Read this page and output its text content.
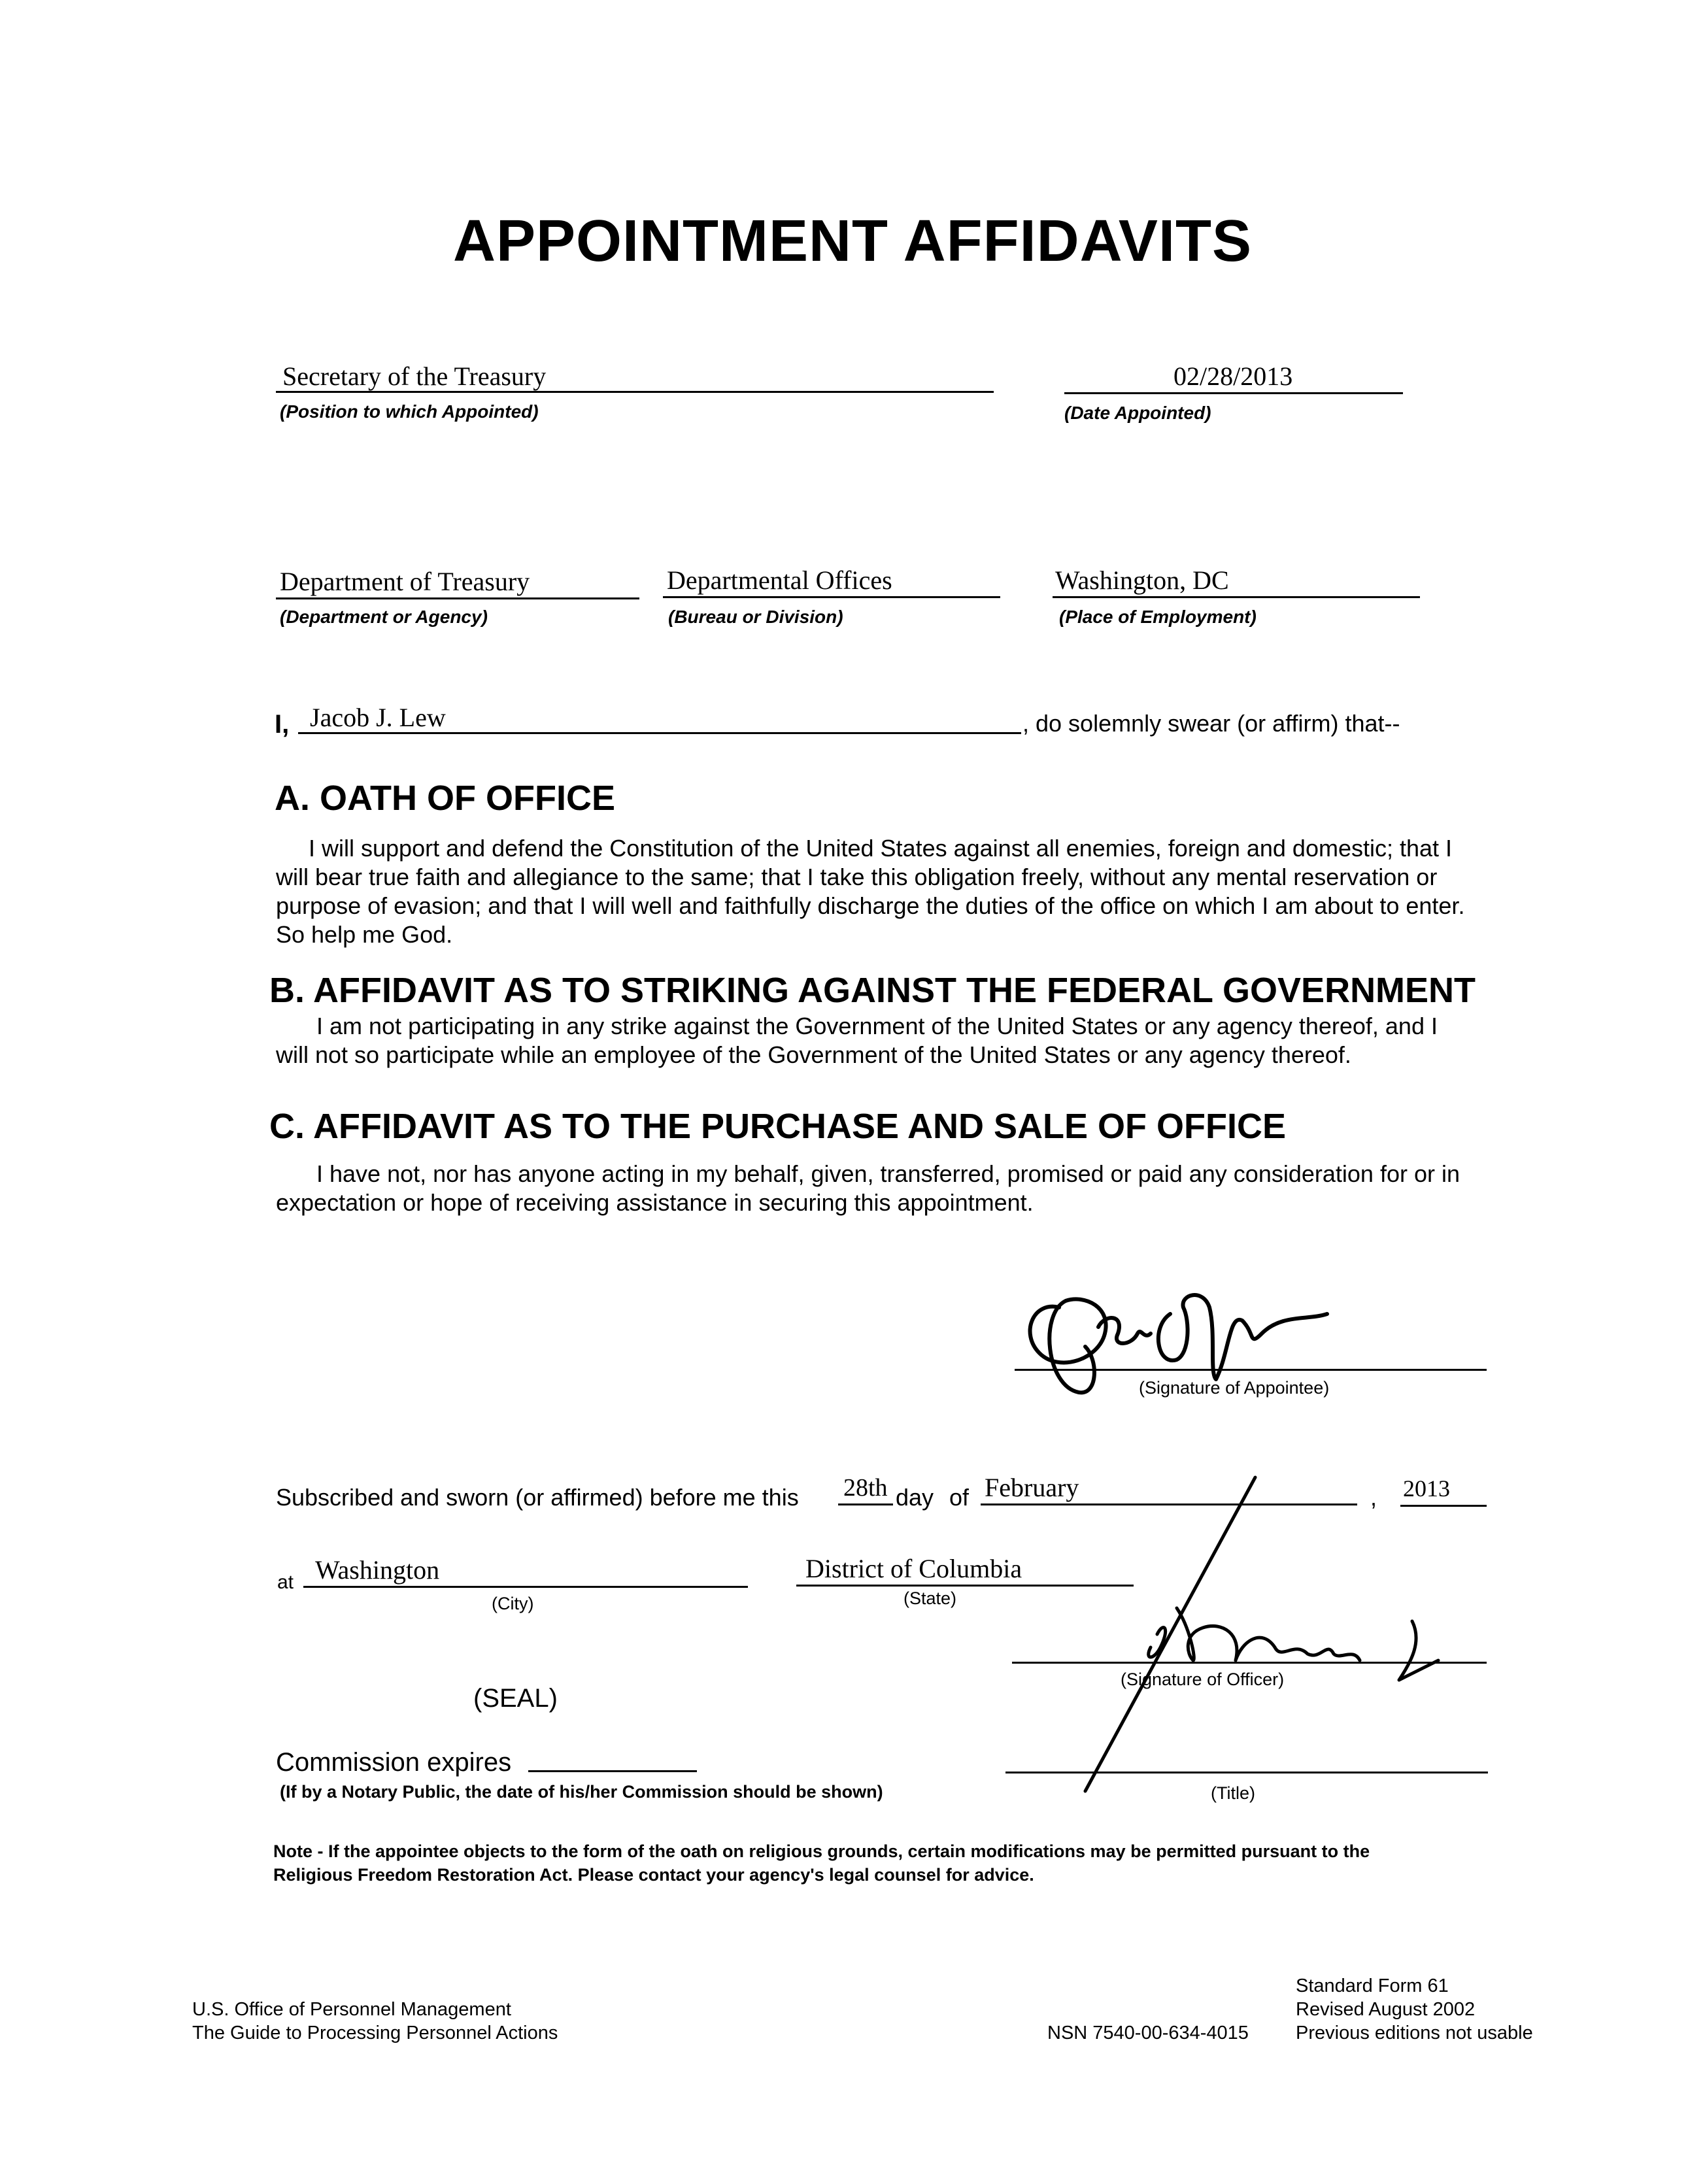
APPOINTMENT AFFIDAVITS
Secretary of the Treasury
(Position to which Appointed)
02/28/2013
(Date Appointed)
Department of Treasury
(Department or Agency)
Departmental Offices
(Bureau or Division)
Washington, DC
(Place of Employment)
I, Jacob J. Lew	, do solemnly swear (or affirm) that--
A. OATH OF OFFICE
I will support and defend the Constitution of the United States against all enemies, foreign and domestic; that I will bear true faith and allegiance to the same; that I take this obligation freely, without any mental reservation or purpose of evasion; and that I will well and faithfully discharge the duties of the office on which I am about to enter. So help me God.
B. AFFIDAVIT AS TO STRIKING AGAINST THE FEDERAL GOVERNMENT
I am not participating in any strike against the Government of the United States or any agency thereof, and I will not so participate while an employee of the Government of the United States or any agency thereof.
C. AFFIDAVIT AS TO THE PURCHASE AND SALE OF OFFICE
I have not, nor has anyone acting in my behalf, given, transferred, promised or paid any consideration for or in expectation or hope of receiving assistance in securing this appointment.
(Signature of Appointee)
Subscribed and sworn (or affirmed) before me this 28th day of February	, 2013
at Washington
(City)
District of Columbia
(State)
(Signature of Officer)
(SEAL)
Commission expires
(If by a Notary Public, the date of his/her Commission should be shown)	(Title)
Note - If the appointee objects to the form of the oath on religious grounds, certain modifications may be permitted pursuant to the
Religious Freedom Restoration Act. Please contact your agency's legal counsel for advice.
U.S. Office of Personnel Management
The Guide to Processing Personnel Actions	NSN 7540-00-634-4015
Standard Form 61
Revised August 2002
Previous editions not usable
